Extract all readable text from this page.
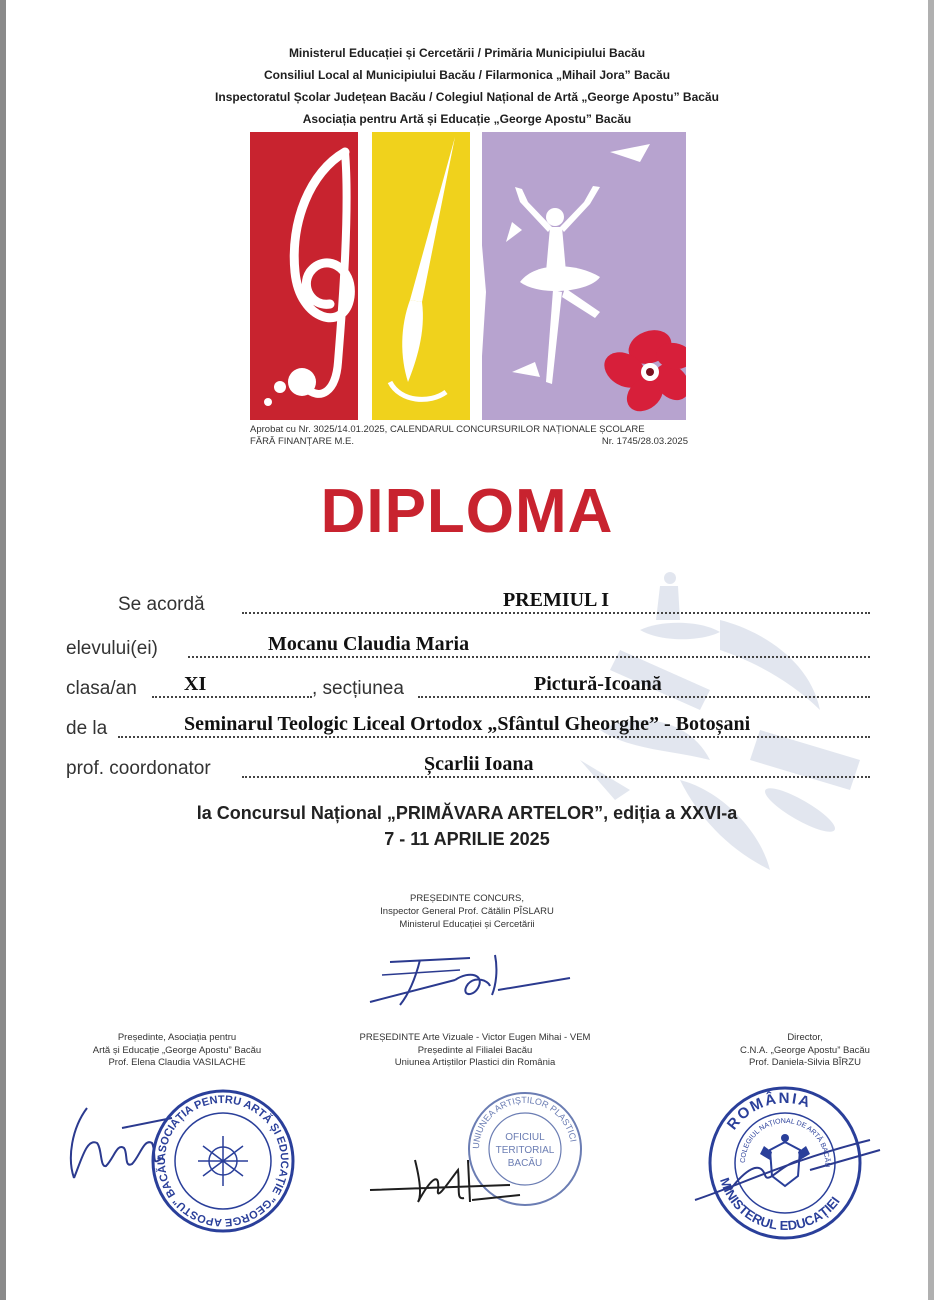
Ministerul Educației și Cercetării / Primăria Municipiului Bacău
Consiliul Local al Municipiului Bacău / Filarmonica „Mihail Jora” Bacău
Inspectoratul Școlar Județean Bacău / Colegiul Național de Artă „George Apostu” Bacău
Asociația pentru Artă și Educație „George Apostu” Bacău
Aprobat cu Nr. 3025/14.01.2025, CALENDARUL CONCURSURILOR NAȚIONALE ȘCOLARE
FĂRĂ FINANȚARE M.E.	Nr. 1745/28.03.2025
DIPLOMA
Se acordă	PREMIUL I
elevului(ei)	Mocanu Claudia Maria
clasa/an XI	, secțiunea	Pictură-Icoană
de la	Seminarul Teologic Liceal Ortodox „Sfântul Gheorghe” - Botoșani
prof. coordonator	Șcarlii Ioana
la Concursul Național „PRIMĂVARA ARTELOR”, ediția a XXVI-a
7 - 11 APRILIE 2025
PREȘEDINTE CONCURS,
Inspector General Prof. Cătălin PÎSLARU
Ministerul Educației și Cercetării
Președinte, Asociația pentru
Artă și Educație „George Apostu” Bacău
Prof. Elena Claudia VASILACHE
PREȘEDINTE Arte Vizuale - Victor Eugen Mihai - VEM
Președinte al Filialei Bacău
Uniunea Artiștilor Plastici din România
Director,
C.N.A. „George Apostu” Bacău
Prof. Daniela-Silvia BÎRZU
ASOCIAȚIA PENTRU ARTĂ ȘI EDUCAȚIE "GEORGE APOSTU" BACĂU
UNIUNEA ARTIȘTILOR PLASTICI
OFICIUL
TERITORIAL
BACĂU
ROMÂNIA
MINISTERUL EDUCAȚIEI
COLEGIUL NAȚIONAL DE ARTĂ BACĂU
